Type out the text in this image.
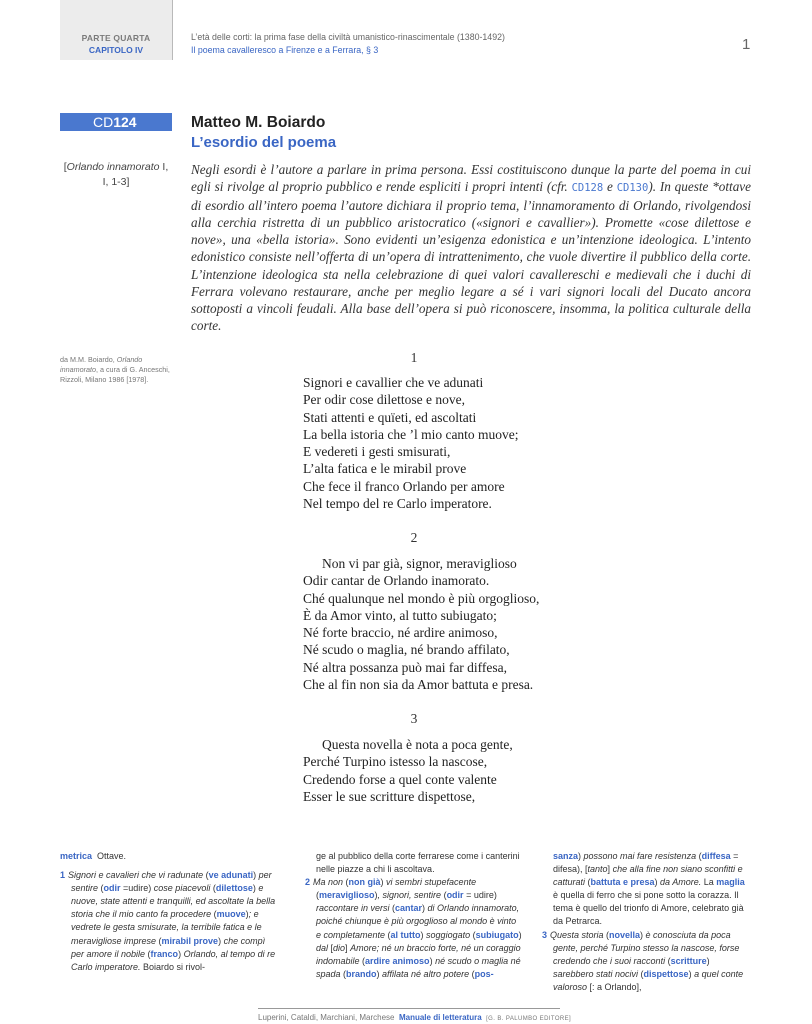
PARTE QUARTA
CAPITOLO IV
L’età delle corti: la prima fase della civiltà umanistico-rinascimentale (1380-1492)
Il poema cavalleresco a Firenze e a Ferrara, § 3	1
CD124	Matteo M. Boiardo
L’esordio del poema
[Orlando innamorato I,
I, 1-3]

Negli esordi è l’autore a parlare in prima persona. Essi costituiscono dunque la parte del poema in cui egli si rivolge al proprio pubblico e rende espliciti i propri intenti (cfr. CD128 e CD130). In queste *ottave di esordio all’intero poema l’autore dichiara il proprio tema, l’innamoramento di Orlando, rivolgendosi alla cerchia ristretta di un pubblico aristocratico («signori e cavallier»). Promette «cose dilettose e nove», una «bella istoria». Sono evidenti un’esigenza edonistica e un’intenzione ideologica. L’intento edonistico consiste nell’offerta di un’opera di intrattenimento, che vuole divertire il pubblico della corte. L’intenzione ideologica sta nella celebrazione di quei valori cavallereschi e medievali che i duchi di Ferrara volevano restaurare, anche per meglio legare a sé i vari signori locali del Ducato ancora sottoposti a vincoli feudali. Alla base dell’opera si può riconoscere, insomma, la politica culturale della corte.

da M.M. Boiardo, Orlando innamorato, a cura di G. Anceschi, Rizzoli, Milano 1986 [1978].
1
Signori e cavallier che ve adunati
Per odir cose dilettose e nove,
Stati attenti e quïeti, ed ascoltati
La bella istoria che ’l mio canto muove;
E vedereti i gesti smisurati,
L’alta fatica e le mirabil prove
Che fece il franco Orlando per amore
Nel tempo del re Carlo imperatore.
2
Non vi par già, signor, meraviglioso
Odir cantar de Orlando inamorato.
Ché qualunque nel mondo è più orgoglioso,
È da Amor vinto, al tutto subiugato;
Né forte braccio, né ardire animoso,
Né scudo o maglia, né brando affilato,
Né altra possanza può mai far diffesa,
Che al fin non sia da Amor battuta e presa.
3
Questa novella è nota a poca gente,
Perché Turpino istesso la nascose,
Credendo forse a quel conte valente
Esser le sue scritture dispettose,
metrica Ottave.

1 Signori e cavalieri che vi radunate (ve adunati) per sentire (odir =udire) cose piacevoli (dilettose) e nuove, state attenti e tranquilli, ed ascoltate la bella storia che il mio canto fa procedere (muove); e vedrete le gesta smisurate, la terribile fatica e le meravigliose imprese (mirabil prove) che compì per amore il nobile (franco) Orlando, al tempo di re Carlo imperatore. Boiardo si rivol-

ge al pubblico della corte ferrarese come i canterini nelle piazze a chi li ascoltava.

2 Ma non (non già) vi sembri stupefacente (meraviglioso), signori, sentire (odir = udire) raccontare in versi (cantar) di Orlando innamorato, poiché chiunque è più orgoglioso al mondo è vinto e completamente (al tutto) soggiogato (subiugato) dal [dio] Amore; né un braccio forte, né un coraggio indomabile (ardire animoso) né scudo o maglia né spada (brando) affilata né altro potere (pos-

sanza) possono mai fare resistenza (diffesa = difesa), [tanto] che alla fine non siano sconfitti e catturati (battuta e presa) da Amore. La maglia è quella di ferro che si pone sotto la corazza. Il tema è quello del trionfo di Amore, celebrato già da Petrarca.

3 Questa storia (novella) è conosciuta da poca gente, perché Turpino stesso la nascose, forse credendo che i suoi racconti (scritture) sarebbero stati nocivi (dispettose) a quel conte valoroso [: a Orlando],

Luperini, Cataldi, Marchiani, Marchese Manuale di letteratura [G. B. PALUMBO EDITORE]
